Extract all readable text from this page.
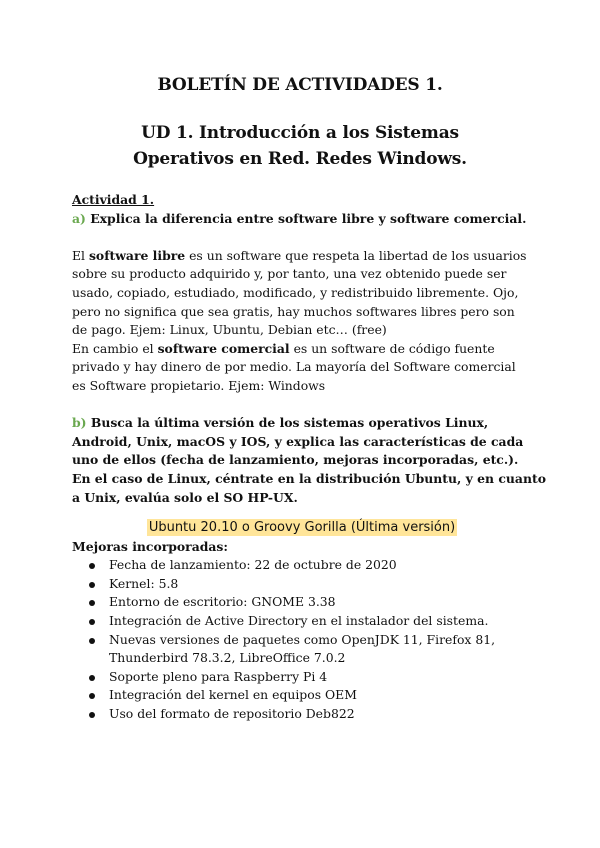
BOLETÍN DE ACTIVIDADES 1.
UD 1. Introducción a los Sistemas
Operativos en Red. Redes Windows.
Actividad 1.
a) Explica la diferencia entre software libre y software comercial.
El software libre es un software que respeta la libertad de los usuarios
sobre su producto adquirido y, por tanto, una vez obtenido puede ser
usado, copiado, estudiado, modificado, y redistribuido libremente. Ojo,
pero no significa que sea gratis, hay muchos softwares libres pero son
de pago. Ejem: Linux, Ubuntu, Debian etc… (free)
En cambio el software comercial es un software de código fuente
privado y hay dinero de por medio. La mayoría del Software comercial
es Software propietario. Ejem: Windows
b) Busca la última versión de los sistemas operativos Linux,
Android, Unix, macOS y IOS, y explica las características de cada
uno de ellos (fecha de lanzamiento, mejoras incorporadas, etc.).
En el caso de Linux, céntrate en la distribución Ubuntu, y en cuanto
a Unix, evalúa solo el SO HP-UX.
Ubuntu 20.10 o Groovy Gorilla (Última versión)
Mejoras incorporadas:
Fecha de lanzamiento: 22 de octubre de 2020
Kernel: 5.8
Entorno de escritorio: GNOME 3.38
Integración de Active Directory en el instalador del sistema.
Nuevas versiones de paquetes como OpenJDK 11, Firefox 81,
Thunderbird 78.3.2, LibreOffice 7.0.2
Soporte pleno para Raspberry Pi 4
Integración del kernel en equipos OEM
Uso del formato de repositorio Deb822
